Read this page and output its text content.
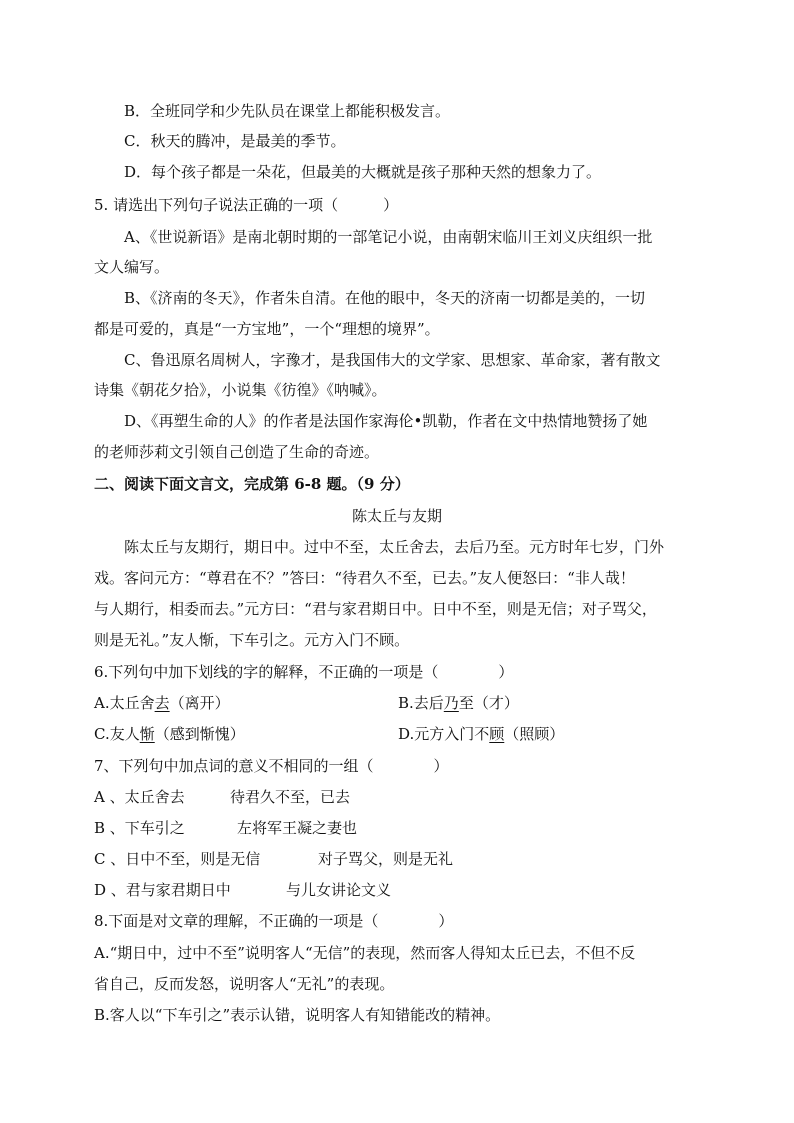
B．全班同学和少先队员在课堂上都能积极发言。
C．秋天的腾冲，是最美的季节。
D．每个孩子都是一朵花，但最美的大概就是孩子那种天然的想象力了。
5. 请选出下列句子说法正确的一项（　　　）
A、《世说新语》是南北朝时期的一部笔记小说，由南朝宋临川王刘义庆组织一批
文人编写。
B、《济南的冬天》，作者朱自清。在他的眼中，冬天的济南一切都是美的，一切
都是可爱的，真是“一方宝地”，一个“理想的境界”。
C、鲁迅原名周树人，字豫才，是我国伟大的文学家、思想家、革命家，著有散文
诗集《朝花夕拾》，小说集《彷徨》《呐喊》。
D、《再塑生命的人》的作者是法国作家海伦•凯勒，作者在文中热情地赞扬了她
的老师莎莉文引领自己创造了生命的奇迹。
二、阅读下面文言文，完成第 6-8 题。（9 分）
陈太丘与友期
陈太丘与友期行，期日中。过中不至，太丘舍去，去后乃至。元方时年七岁，门外
戏。客问元方：“尊君在不？”答曰：“待君久不至，已去。”友人便怒曰：“非人哉！
与人期行，相委而去。”元方曰：“君与家君期日中。日中不至，则是无信；对子骂父，
则是无礼。”友人惭，下车引之。元方入门不顾。
6.下列句中加下划线的字的解释，不正确的一项是（　　　　）
A.太丘舍去（离开）	B.去后乃至（才）
C.友人惭（感到惭愧）	D.元方入门不顾（照顾）
7、下列句中加点词的意义不相同的一组（　　　　）
A 、太丘舍去	待君久不至，已去
B 、下车引之	左将军王凝之妻也
C 、日中不至，则是无信	对子骂父，则是无礼
D 、君与家君期日中	与儿女讲论文义
8.下面是对文章的理解，不正确的一项是（　　　　）
A.“期日中，过中不至”说明客人“无信”的表现，然而客人得知太丘已去，不但不反
省自己，反而发怒，说明客人“无礼”的表现。
B.客人以“下车引之”表示认错，说明客人有知错能改的精神。
